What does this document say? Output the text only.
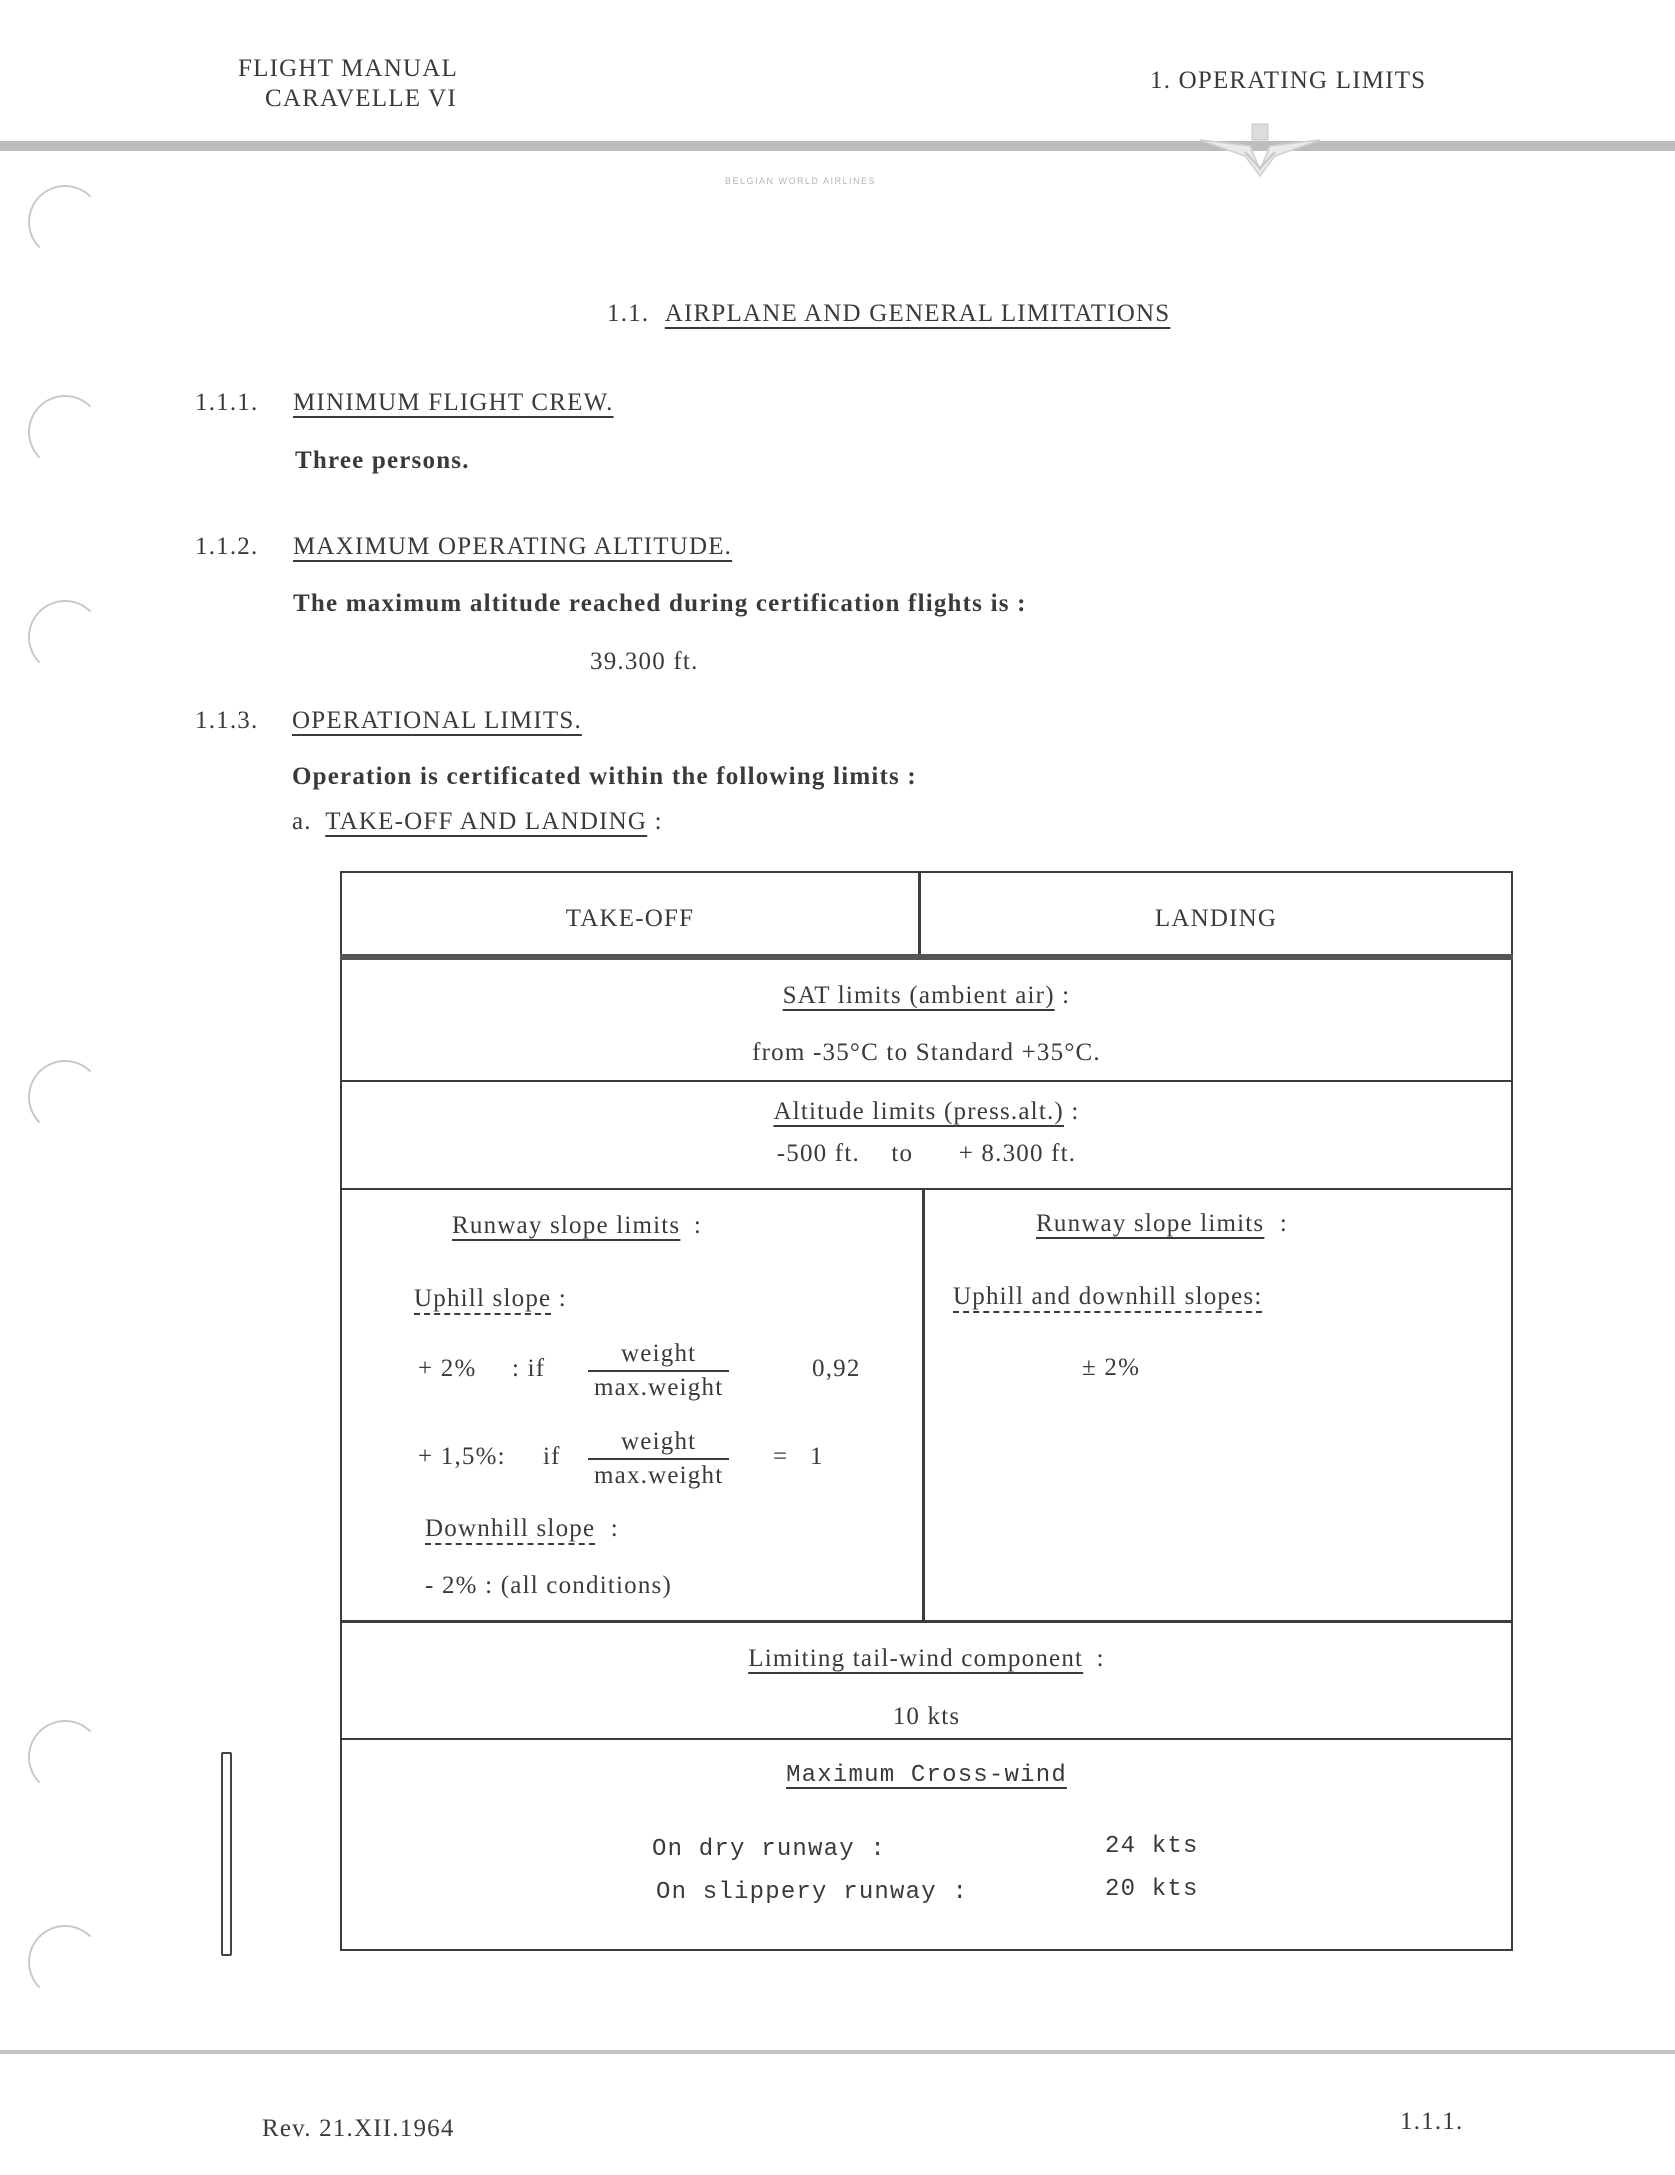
FLIGHT MANUAL
CARAVELLE VI
1. OPERATING LIMITS
BELGIAN WORLD AIRLINES
1.1. AIRPLANE AND GENERAL LIMITATIONS
1.1.1. MINIMUM FLIGHT CREW.
Three persons.
1.1.2. MAXIMUM OPERATING ALTITUDE.
The maximum altitude reached during certification flights is :
39.300 ft.
1.1.3. OPERATIONAL LIMITS.
Operation is certificated within the following limits :
a. TAKE-OFF AND LANDING :
TAKE-OFF	LANDING
SAT limits (ambient air) :
from -35°C to Standard +35°C.
Altitude limits (press.alt.) :
-500 ft. to + 8.300 ft.
Runway slope limits :
Uphill slope :
+ 2% : if
weight
max.weight
0,92
+ 1,5%: if
weight
max.weight
= 1
Downhill slope :
- 2% : (all conditions)
Runway slope limits :
Uphill and downhill slopes:
± 2%
Limiting tail-wind component :
10 kts
Maximum Cross-wind
On dry runway :	24 kts
On slippery runway :	20 kts
Rev. 21.XII.1964	1.1.1.
